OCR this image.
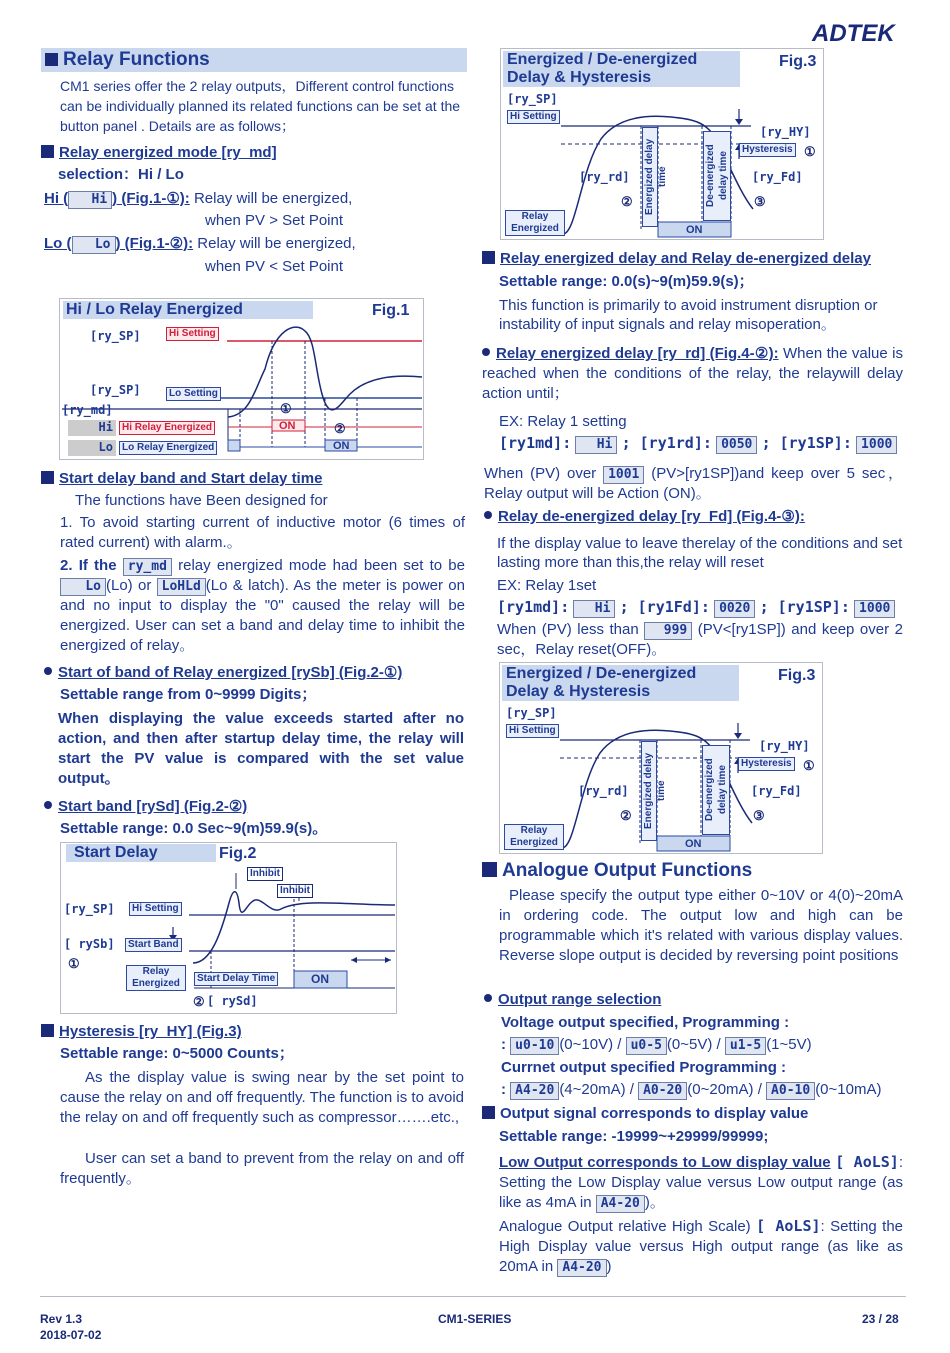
ADTEK
Relay Functions
CM1 series offer the 2 relay outputs，Different control functions can be individually planned its related functions can be set at the button panel . Details are as follows；
Relay energized mode [ry_md]
selection：Hi / Lo
Hi ( Hi ) (Fig.1-①): Relay will be energized,
when PV > Set Point
Lo ( Lo ) (Fig.1-②): Relay will be energized,
when PV < Set Point
Hi / Lo Relay Energized	Fig.1
[ry_SP]	Hi Setting
[ry_SP]	Lo Setting
[ry_md]
Hi Hi Relay Energized
Lo Lo Relay Energized
ON
ON
①
②
Start delay band and Start delay time
The functions have Been designed for
1. To avoid starting current of inductive motor (6 times of rated current) with alarm.。
2. If the ry_md relay energized mode had been set to be Lo (Lo) or LoHLd (Lo & latch). As the meter is power on and no input to display the "0" caused the relay will be energized. User can set a band and delay time to inhibit the energized of relay。
Start of band of Relay energized [rySb] (Fig.2-①)
Settable range from 0~9999 Digits；
When displaying the value exceeds started after no action, and then after startup delay time, the relay will start the PV value is compared with the set value output。
Start band [rySd] (Fig.2-②)
Settable range: 0.0 Sec~9(m)59.9(s)。
Start Delay	Fig.2
Inhibit
Inhibit
[ry_SP]	Hi Setting
[ rySb]	Start Band
①
Relay Energized	Start Delay Time	ON
② [ rySd]
Hysteresis [ry_HY] (Fig.3)
Settable range: 0~5000 Counts；
As the display value is swing near by the set point to cause the relay on and off frequently. The function is to avoid the relay on and off frequently such as compressor…….etc.,
User can set a band to prevent from the relay on and off frequently。
Energized / De-energized Delay & Hysteresis
Fig.3
[ry_SP]
Hi Setting
[ry_HY]
Hysteresis ①
[ry_rd]	[ry_Fd]
Energized delay time	De-energized delay time
②	③
Relay Energized	ON
Relay energized delay and Relay de-energized delay
Settable range: 0.0(s)~9(m)59.9(s)；
This function is primarily to avoid instrument disruption or instability of input signals and relay misoperation。
Relay energized delay [ry_rd] (Fig.4-②): When the value is reached when the conditions of the relay, the relaywill delay action until；
EX: Relay 1 setting
[ry1md]: Hi ; [ry1rd]: 0050 ; [ry1SP]: 1000
When (PV) over 1001 (PV>[ry1SP])and keep over 5 sec，Relay output will be Action (ON)。
Relay de-energized delay [ry_Fd] (Fig.4-③):
If the display value to leave therelay of the conditions and set lasting more than this,the relay will reset
EX: Relay 1set
[ry1md]: Hi ; [ry1Fd]: 0020 ; [ry1SP]: 1000
When (PV) less than 999 (PV<[ry1SP]) and keep over 2 sec，Relay reset(OFF)。
Energized / De-energized Delay & Hysteresis
Fig.3
[ry_SP]
Hi Setting
[ry_HY]
Hysteresis ①
[ry_rd]	[ry_Fd]
Energized delay time	De-energized delay time
②	③
Relay Energized	ON
Analogue Output Functions
Please specify the output type either 0~10V or 4(0)~20mA in ordering code. The output low and high can be programmable which it's related with various display values. Reverse slope output is decided by reversing point positions
Output range selection
Voltage output specified, Programming :
: u0-10 (0~10V) / u0-5 (0~5V) / u1-5 (1~5V)
Currnet output specified Programming :
: A4-20 (4~20mA) / A0-20 (0~20mA) / A0-10 (0~10mA)
Output signal corresponds to display value
Settable range: -19999~+29999/99999;
Low Output corresponds to Low display value [ AoLS]: Setting the Low Display value versus Low output range (as like as 4mA in A4-20 )。
Analogue Output relative High Scale) [ AoLS]: Setting the High Display value versus High output range (as like as 20mA in A4-20 )
Rev 1.3
2018-07-02
CM1-SERIES	23 / 28
